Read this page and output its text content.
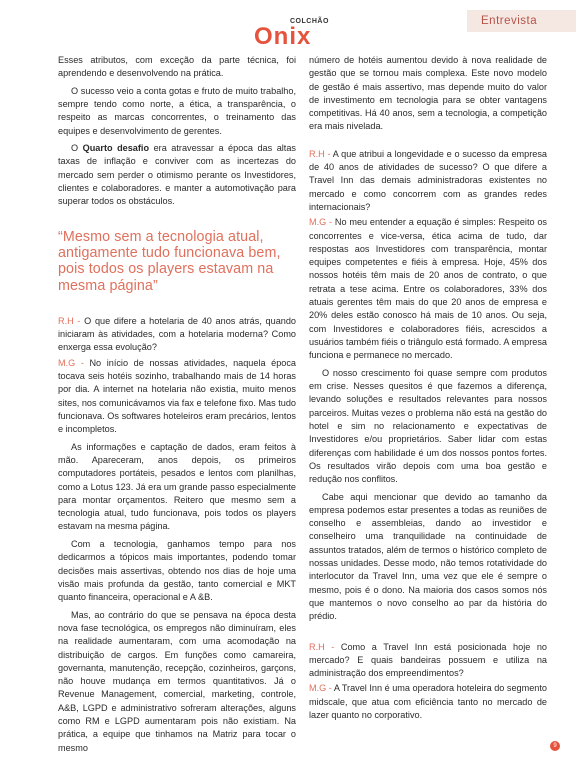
COLCHÃO
Onix
Entrevista

Esses atributos, com exceção da parte técnica, foi aprendendo e desenvolvendo na prática.

O sucesso veio a conta gotas e fruto de muito trabalho, sempre tendo como norte, a ética, a transparência, o respeito as marcas concorrentes, o treinamento das equipes e desenvolvimento de gerentes.

O Quarto desafio era atravessar a época das altas taxas de inflação e conviver com as incertezas do mercado sem perder o otimismo perante os Investidores, clientes e colaboradores. e manter a automotivação para superar todos os obstáculos.

“Mesmo sem a tecnologia atual, antigamente tudo funcionava bem, pois todos os players estavam na mesma página”

R.H - O que difere a hotelaria de 40 anos atrás, quando iniciaram às atividades, com a hotelaria moderna? Como enxerga essa evolução?

M.G - No início de nossas atividades, naquela época tocava seis hotéis sozinho, trabalhando mais de 14 horas por dia. A internet na hotelaria não existia, muito menos sites, nos comunicávamos via fax e telefone fixo. Mas tudo funcionava. Os softwares hoteleiros eram precários, lentos e incompletos.

As informações e captação de dados, eram feitos à mão. Apareceram, anos depois, os primeiros computadores portáteis, pesados e lentos com planilhas, como a Lotus 123. Já era um grande passo especialmente para montar orçamentos. Reitero que mesmo sem a tecnologia atual, tudo funcionava, pois todos os players estavam na mesma página.

Com a tecnologia, ganhamos tempo para nos dedicarmos a tópicos mais importantes, podendo tomar decisões mais assertivas, obtendo nos dias de hoje uma visão mais profunda da gestão, tanto comercial e MKT quanto financeira, operacional e A &B.

Mas, ao contrário do que se pensava na época desta nova fase tecnológica, os empregos não diminuíram, eles na realidade aumentaram, com uma acomodação na distribuição de cargos. Em funções como camareira, governanta, manutenção, recepção, cozinheiros, garçons, não houve mudança em termos quantitativos. Já o Revenue Management, comercial, marketing, controle, A&B, LGPD e administrativo sofreram alterações, alguns como RM e LGPD aumentaram pois não existiam. Na prática, a equipe que tinhamos na Matriz para tocar o mesmo

número de hotéis aumentou devido à nova realidade de gestão que se tornou mais complexa. Este novo modelo de gestão é mais assertivo, mas depende muito do valor de investimento em tecnologia para se obter vantagens competitivas. Há 40 anos, sem a tecnologia, a competição era mais nivelada.

R.H - A que atribui a longevidade e o sucesso da empresa de 40 anos de atividades de sucesso? O que difere a Travel Inn das demais administradoras existentes no mercado e como concorrem com as grandes redes internacionais?

M.G - No meu entender a equação é simples: Respeito os concorrentes e vice-versa, ética acima de tudo, dar respostas aos Investidores com transparência, montar equipes competentes e fiéis à empresa. Hoje, 45% dos nossos hotéis têm mais de 20 anos de contrato, o que retrata a tese acima. Entre os colaboradores, 33% dos atuais gerentes têm mais do que 20 anos de empresa e 20% deles estão conosco há mais de 10 anos. Ou seja, com Investidores e colaboradores fiéis, acrescidos a usuários também fiéis o triângulo está formado. A empresa funciona e permanece no mercado.

O nosso crescimento foi quase sempre com produtos em crise. Nesses quesitos é que fazemos a diferença, levando soluções e resultados relevantes para nossos parceiros. Muitas vezes o problema não está na gestão do hotel e sim no relacionamento e expectativas de Investidores e/ou proprietários. Saber lidar com estas diferenças com habilidade é um dos nossos pontos fortes. Os resultados virão depois com uma boa gestão e redução nos conflitos.

Cabe aqui mencionar que devido ao tamanho da empresa podemos estar presentes a todas as reuniões de conselho e assembleias, dando ao investidor e conselheiro uma tranquilidade na continuidade de assuntos tratados, além de termos o histórico completo de nossas unidades. Desse modo, não temos rotatividade do interlocutor da Travel Inn, uma vez que ele é sempre o mesmo, pois é o dono. Na maioria dos casos somos nós que mantemos o novo conselho ao par da história do prédio.

R.H - Como a Travel Inn está posicionada hoje no mercado? E quais bandeiras possuem e utiliza na administração dos empreendimentos?

M.G - A Travel Inn é uma operadora hoteleira do segmento midscale, que atua com eficiência tanto no mercado de lazer quanto no corporativo.

9
